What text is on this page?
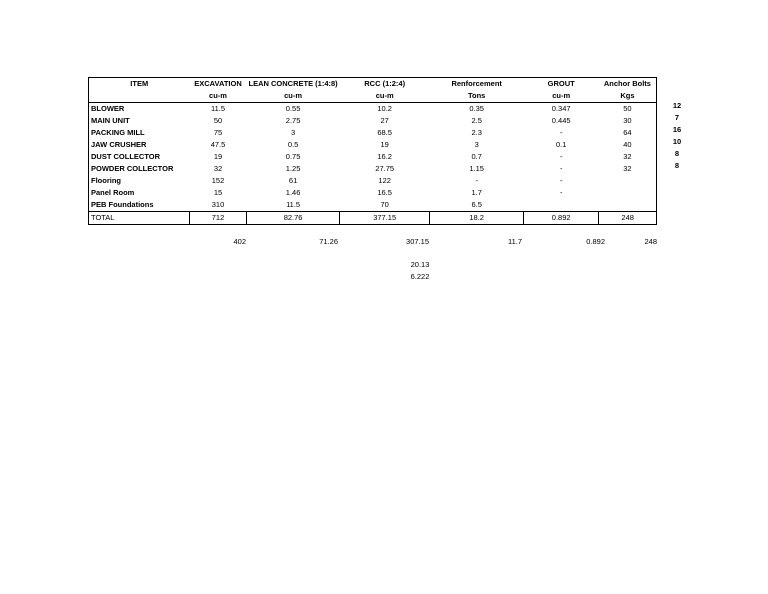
ITEM	EXCAVATION	LEAN CONCRETE (1:4:8)	RCC (1:2:4)	Renforcement	GROUT	Anchor Bolts
	cu-m	cu-m	cu-m	Tons	cu-m	Kgs
BLOWER	11.5	0.55	10.2	0.35	0.347	50
MAIN UNIT	50	2.75	27	2.5	0.445	30
PACKING MILL	75	3	68.5	2.3	-	64
JAW CRUSHER	47.5	0.5	19	3	0.1	40
DUST COLLECTOR	19	0.75	16.2	0.7	-	32
POWDER COLLECTOR	32	1.25	27.75	1.15	-	32
Flooring	152	61	122	-	-	
Panel Room	15	1.46	16.5	1.7	-	
PEB Foundations	310	11.5	70	6.5		
TOTAL	712	82.76	377.15	18.2	0.892	248
12
7
16
10
8
8
402	71.26	307.15	11.7	0.892	248
20.13
6.222
